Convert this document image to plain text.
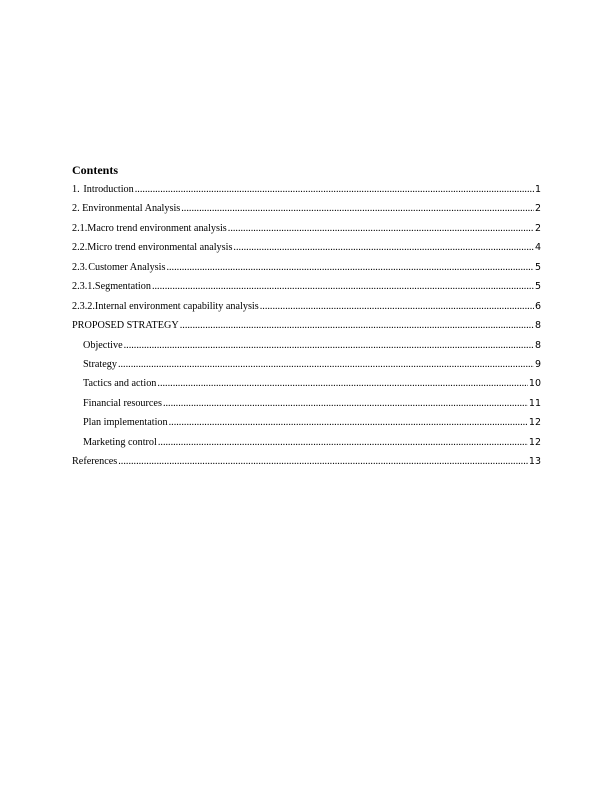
Contents
1. Introduction .....	1
2. Environmental Analysis .....	2
2.1. Macro trend environment analysis .....	2
2.2. Micro trend environmental analysis .....	4
2.3. Customer Analysis .....	5
2.3.1. Segmentation .....	5
2.3.2. Internal environment capability analysis .....	6
PROPOSED STRATEGY .....	8
Objective .....	8
Strategy .....	9
Tactics and action .....	10
Financial resources .....	11
Plan implementation .....	12
Marketing control .....	12
References .....	13
